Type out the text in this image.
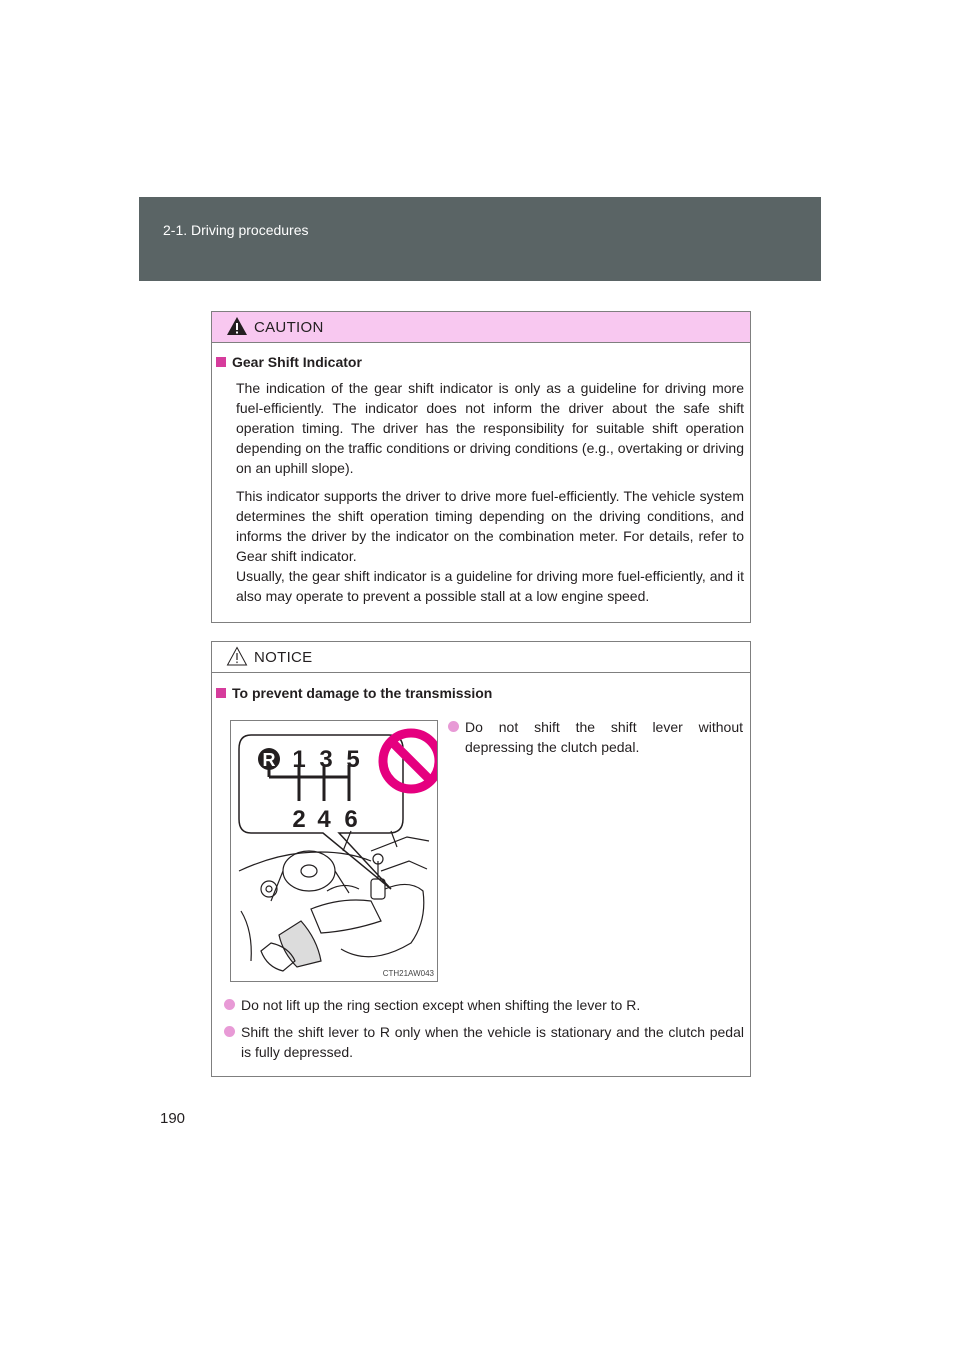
2-1. Driving procedures
CAUTION
Gear Shift Indicator

The indication of the gear shift indicator is only as a guideline for driving more fuel-efficiently. The indicator does not inform the driver about the safe shift operation timing. The driver has the responsibility for suitable shift operation depending on the traffic conditions or driving conditions (e.g., overtaking or driving on an uphill slope).

This indicator supports the driver to drive more fuel-efficiently. The vehicle system determines the shift operation timing depending on the driving conditions, and informs the driver by the indicator on the combination meter. For details, refer to Gear shift indicator.

Usually, the gear shift indicator is a guideline for driving more fuel-efficiently, and it also may operate to prevent a possible stall at a low engine speed.

NOTICE
To prevent damage to the transmission
R 1 3 5
2 4 6
CTH21AW043
Do not shift the shift lever without depressing the clutch pedal.
Do not lift up the ring section except when shifting the lever to R.
Shift the shift lever to R only when the vehicle is stationary and the clutch pedal is fully depressed.
190
